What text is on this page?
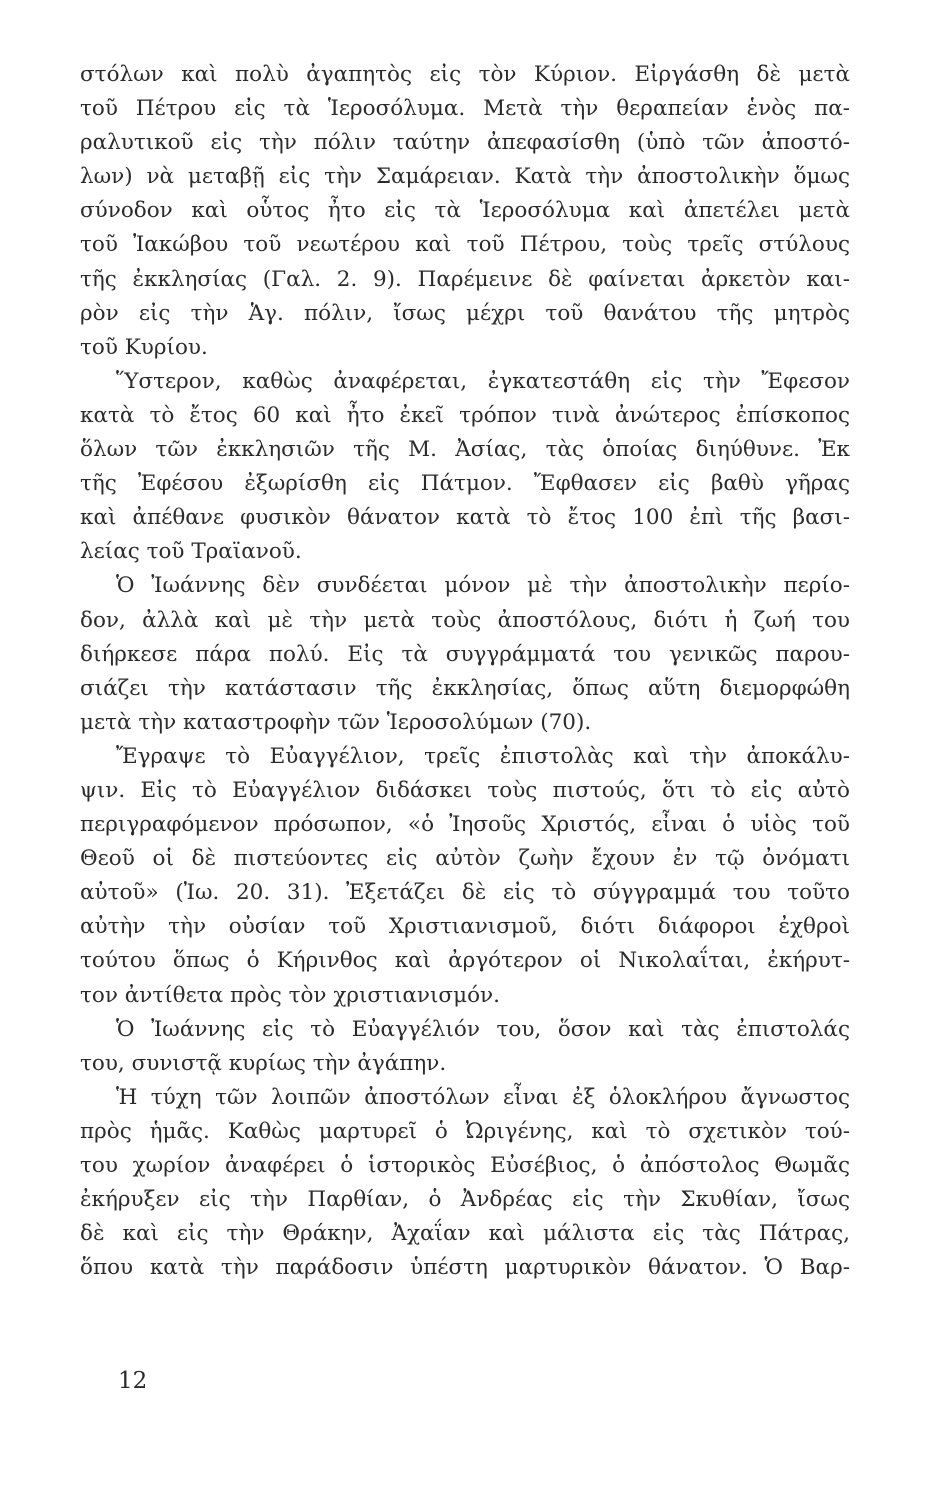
στόλων καὶ πολὺ ἀγαπητὸς εἰς τὸν Κύριον. Εἰργάσθη δὲ μετὰ
τοῦ Πέτρου εἰς τὰ Ἱεροσόλυμα. Μετὰ τὴν θεραπείαν ἑνὸς πα-
ραλυτικοῦ εἰς τὴν πόλιν ταύτην ἀπεφασίσθη (ὑπὸ τῶν ἀποστό-
λων) νὰ μεταβῇ εἰς τὴν Σαμάρειαν. Κατὰ τὴν ἀποστολικὴν ὅμως
σύνοδον καὶ οὗτος ἦτο εἰς τὰ Ἱεροσόλυμα καὶ ἀπετέλει μετὰ
τοῦ Ἰακώβου τοῦ νεωτέρου καὶ τοῦ Πέτρου, τοὺς τρεῖς στύλους
τῆς ἐκκλησίας (Γαλ. 2. 9). Παρέμεινε δὲ φαίνεται ἀρκετὸν και-
ρὸν εἰς τὴν Ἁγ. πόλιν, ἴσως μέχρι τοῦ θανάτου τῆς μητρὸς
τοῦ Κυρίου.
Ὕστερον, καθὼς ἀναφέρεται, ἐγκατεστάθη εἰς τὴν Ἔφεσον
κατὰ τὸ ἔτος 60 καὶ ἦτο ἐκεῖ τρόπον τινὰ ἀνώτερος ἐπίσκοπος
ὅλων τῶν ἐκκλησιῶν τῆς Μ. Ἀσίας, τὰς ὁποίας διηύθυνε. Ἐκ
τῆς Ἐφέσου ἐξωρίσθη εἰς Πάτμον. Ἔφθασεν εἰς βαθὺ γῆρας
καὶ ἀπέθανε φυσικὸν θάνατον κατὰ τὸ ἔτος 100 ἐπὶ τῆς βασι-
λείας τοῦ Τραϊανοῦ.
Ὁ Ἰωάννης δὲν συνδέεται μόνον μὲ τὴν ἀποστολικὴν περίο-
δον, ἀλλὰ καὶ μὲ τὴν μετὰ τοὺς ἀποστόλους, διότι ἡ ζωή του
διήρκεσε πάρα πολύ. Εἰς τὰ συγγράμματά του γενικῶς παρου-
σιάζει τὴν κατάστασιν τῆς ἐκκλησίας, ὅπως αὕτη διεμορφώθη
μετὰ τὴν καταστροφὴν τῶν Ἱεροσολύμων (70).
Ἔγραψε τὸ Εὐαγγέλιον, τρεῖς ἐπιστολὰς καὶ τὴν ἀποκάλυ-
ψιν. Εἰς τὸ Εὐαγγέλιον διδάσκει τοὺς πιστούς, ὅτι τὸ εἰς αὐτὸ
περιγραφόμενον πρόσωπον, «ὁ Ἰησοῦς Χριστός, εἶναι ὁ υἱὸς τοῦ
Θεοῦ οἱ δὲ πιστεύοντες εἰς αὐτὸν ζωὴν ἔχουν ἐν τῷ ὀνόματι
αὐτοῦ» (Ἰω. 20. 31). Ἐξετάζει δὲ εἰς τὸ σύγγραμμά του τοῦτο
αὐτὴν τὴν οὐσίαν τοῦ Χριστιανισμοῦ, διότι διάφοροι ἐχθροὶ
τούτου ὅπως ὁ Κήρινθος καὶ ἀργότερον οἱ Νικολαΐται, ἐκήρυτ-
τον ἀντίθετα πρὸς τὸν χριστιανισμόν.
Ὁ Ἰωάννης εἰς τὸ Εὐαγγέλιόν του, ὅσον καὶ τὰς ἐπιστολάς
του, συνιστᾷ κυρίως τὴν ἀγάπην.
Ἡ τύχη τῶν λοιπῶν ἀποστόλων εἶναι ἐξ ὁλοκλήρου ἄγνωστος
πρὸς ἡμᾶς. Καθὼς μαρτυρεῖ ὁ Ὠριγένης, καὶ τὸ σχετικὸν τού-
του χωρίον ἀναφέρει ὁ ἱστορικὸς Εὐσέβιος, ὁ ἀπόστολος Θωμᾶς
ἐκήρυξεν εἰς τὴν Παρθίαν, ὁ Ἀνδρέας εἰς τὴν Σκυθίαν, ἴσως
δὲ καὶ εἰς τὴν Θράκην, Ἀχαΐαν καὶ μάλιστα εἰς τὰς Πάτρας,
ὅπου κατὰ τὴν παράδοσιν ὑπέστη μαρτυρικὸν θάνατον. Ὁ Βαρ-
12
